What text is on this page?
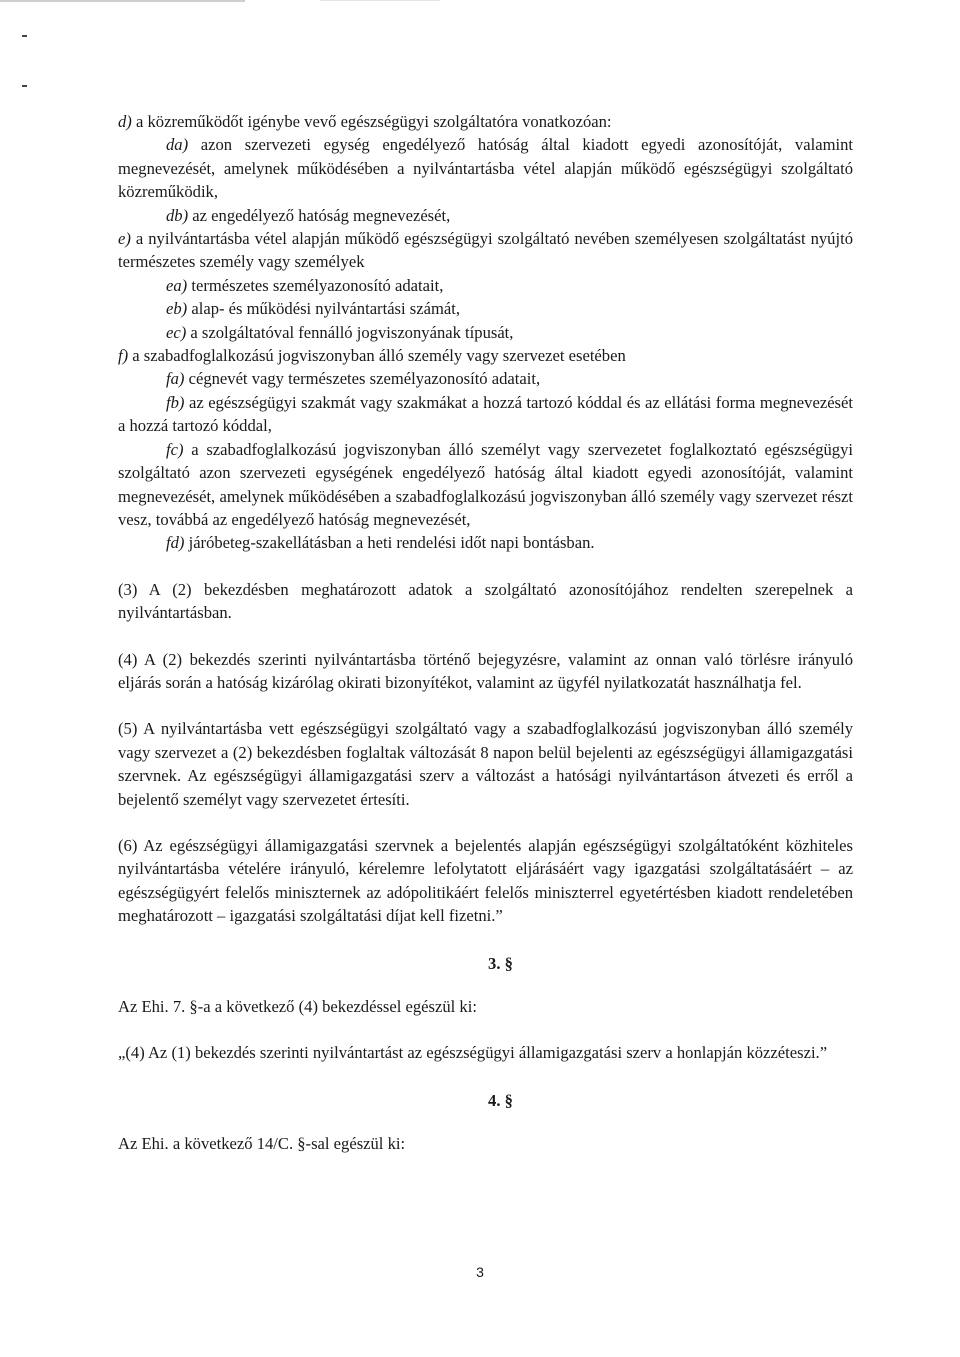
d) a közreműködőt igénybe vevő egészségügyi szolgáltatóra vonatkozóan:

da) azon szervezeti egység engedélyező hatóság által kiadott egyedi azonosítóját, valamint megnevezését, amelynek működésében a nyilvántartásba vétel alapján működő egészségügyi szolgáltató közreműködik,

db) az engedélyező hatóság megnevezését,

e) a nyilvántartásba vétel alapján működő egészségügyi szolgáltató nevében személyesen szolgáltatást nyújtó természetes személy vagy személyek

ea) természetes személyazonosító adatait,

eb) alap- és működési nyilvántartási számát,

ec) a szolgáltatóval fennálló jogviszonyának típusát,

f) a szabadfoglalkozású jogviszonyban álló személy vagy szervezet esetében

fa) cégnevét vagy természetes személyazonosító adatait,

fb) az egészségügyi szakmát vagy szakmákat a hozzá tartozó kóddal és az ellátási forma megnevezését a hozzá tartozó kóddal,

fc) a szabadfoglalkozású jogviszonyban álló személyt vagy szervezetet foglalkoztató egészségügyi szolgáltató azon szervezeti egységének engedélyező hatóság által kiadott egyedi azonosítóját, valamint megnevezését, amelynek működésében a szabadfoglalkozású jogviszonyban álló személy vagy szervezet részt vesz, továbbá az engedélyező hatóság megnevezését,

fd) járóbeteg-szakellátásban a heti rendelési időt napi bontásban.

(3) A (2) bekezdésben meghatározott adatok a szolgáltató azonosítójához rendelten szerepelnek a nyilvántartásban.

(4) A (2) bekezdés szerinti nyilvántartásba történő bejegyzésre, valamint az onnan való törlésre irányuló eljárás során a hatóság kizárólag okirati bizonyítékot, valamint az ügyfél nyilatkozatát használhatja fel.

(5) A nyilvántartásba vett egészségügyi szolgáltató vagy a szabadfoglalkozású jogviszonyban álló személy vagy szervezet a (2) bekezdésben foglaltak változását 8 napon belül bejelenti az egészségügyi államigazgatási szervnek. Az egészségügyi államigazgatási szerv a változást a hatósági nyilvántartáson átvezeti és erről a bejelentő személyt vagy szervezetet értesíti.

(6) Az egészségügyi államigazgatási szervnek a bejelentés alapján egészségügyi szolgáltatóként közhiteles nyilvántartásba vételére irányuló, kérelemre lefolytatott eljárásáért vagy igazgatási szolgáltatásáért – az egészségügyért felelős miniszternek az adópolitikáért felelős miniszterrel egyetértésben kiadott rendeletében meghatározott – igazgatási szolgáltatási díjat kell fizetni.”

3. §

Az Ehi. 7. §-a a következő (4) bekezdéssel egészül ki:

„(4) Az (1) bekezdés szerinti nyilvántartást az egészségügyi államigazgatási szerv a honlapján közzéteszi.”

4. §

Az Ehi. a következő 14/C. §-sal egészül ki:

3
